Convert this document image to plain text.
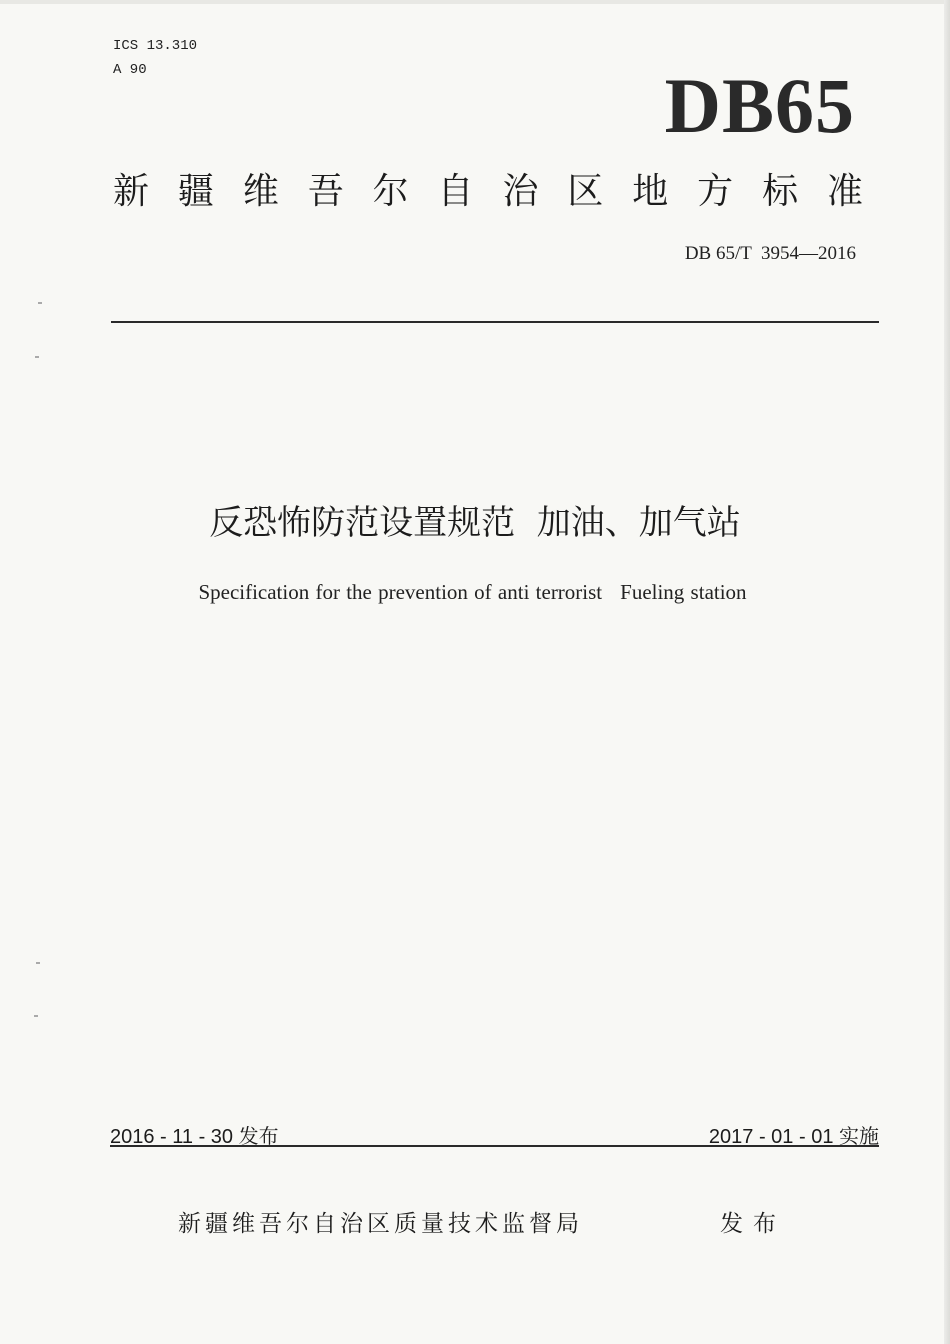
ICS 13.310
A 90	DB65
新 疆 维 吾 尔 自 治 区 地 方 标 准
DB 65/T  3954—2016
反恐怖防范设置规范  加油、加气站
Specification for the prevention of anti terrorist Fueling station
2016 - 11 - 30 发布	2017 - 01 - 01 实施
新疆维吾尔自治区质量技术监督局	发布
